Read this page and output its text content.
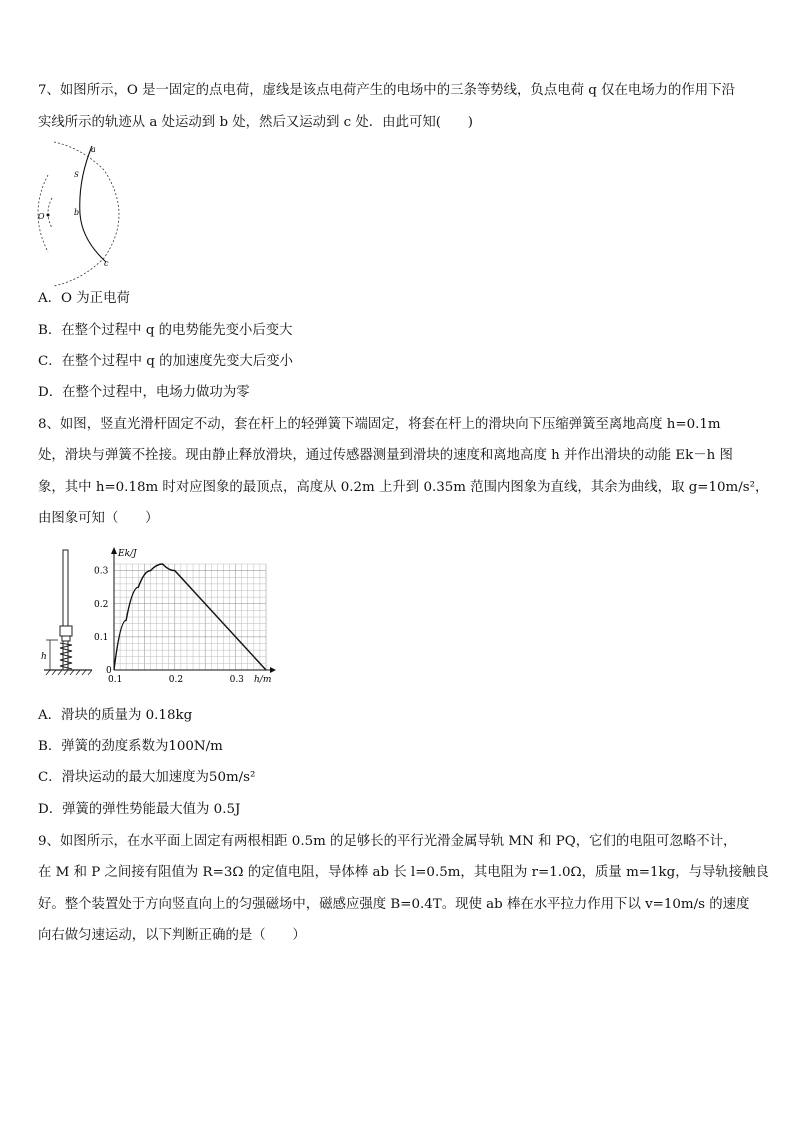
7、如图所示，O 是一固定的点电荷，虚线是该点电荷产生的电场中的三条等势线，负点电荷 q 仅在电场力的作用下沿
实线所示的轨迹从 a 处运动到 b 处，然后又运动到 c 处．由此可知(　　)
O
a
S
b
c
A．O 为正电荷
B．在整个过程中 q 的电势能先变小后变大
C．在整个过程中 q 的加速度先变大后变小
D．在整个过程中，电场力做功为零
8、如图，竖直光滑杆固定不动，套在杆上的轻弹簧下端固定，将套在杆上的滑块向下压缩弹簧至离地高度 h=0.1m
处，滑块与弹簧不拴接。现由静止释放滑块，通过传感器测量到滑块的速度和离地高度 h 并作出滑块的动能 Ek－h 图
象，其中 h=0.18m 时对应图象的最顶点，高度从 0.2m 上升到 0.35m 范围内图象为直线，其余为曲线，取 g=10m/s²，
由图象可知（　　）
h
Ek/J
h/m
0.1	0.2	0.3
0
0.1
0.2
0.3
A．滑块的质量为 0.18kg
B．弹簧的劲度系数为100N/m
C．滑块运动的最大加速度为50m/s²
D．弹簧的弹性势能最大值为 0.5J
9、如图所示，在水平面上固定有两根相距 0.5m 的足够长的平行光滑金属导轨 MN 和 PQ，它们的电阻可忽略不计，
在 M 和 P 之间接有阻值为 R=3Ω 的定值电阻，导体棒 ab 长 l=0.5m，其电阻为 r=1.0Ω，质量 m=1kg，与导轨接触良
好。整个装置处于方向竖直向上的匀强磁场中，磁感应强度 B=0.4T。现使 ab 棒在水平拉力作用下以 v=10m/s 的速度
向右做匀速运动，以下判断正确的是（　　）
